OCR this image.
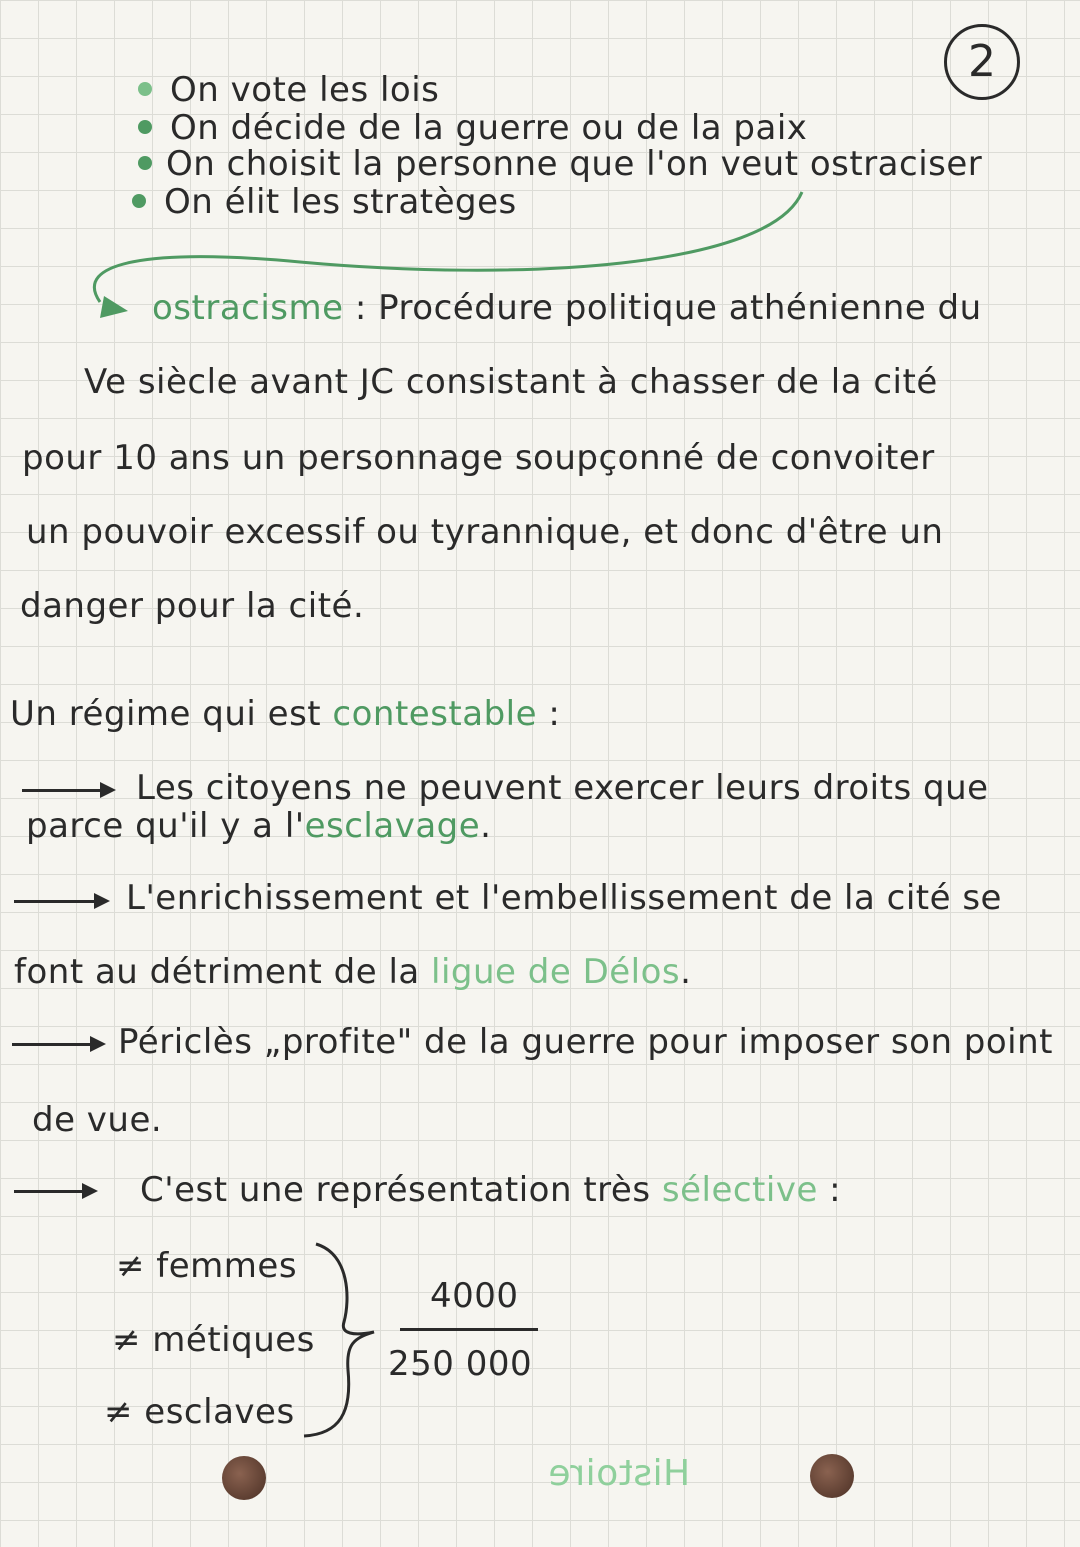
2
On vote les lois
On décide de la guerre ou de la paix
On choisit la personne que l'on veut ostraciser
On élit les stratèges
ostracisme : Procédure politique athénienne du
Ve siècle avant JC consistant à chasser de la cité
pour 10 ans un personnage soupçonné de convoiter
un pouvoir excessif ou tyrannique, et donc d'être un
danger pour la cité.
Un régime qui est contestable :
Les citoyens ne peuvent exercer leurs droits que
parce qu'il y a l'esclavage.
L'enrichissement et l'embellissement de la cité se
font au détriment de la ligue de Délos.
Périclès „profite" de la guerre pour imposer son point
de vue.
C'est une représentation très sélective :
≠ femmes
≠ métiques
≠ esclaves
4000
250 000
Histoire
